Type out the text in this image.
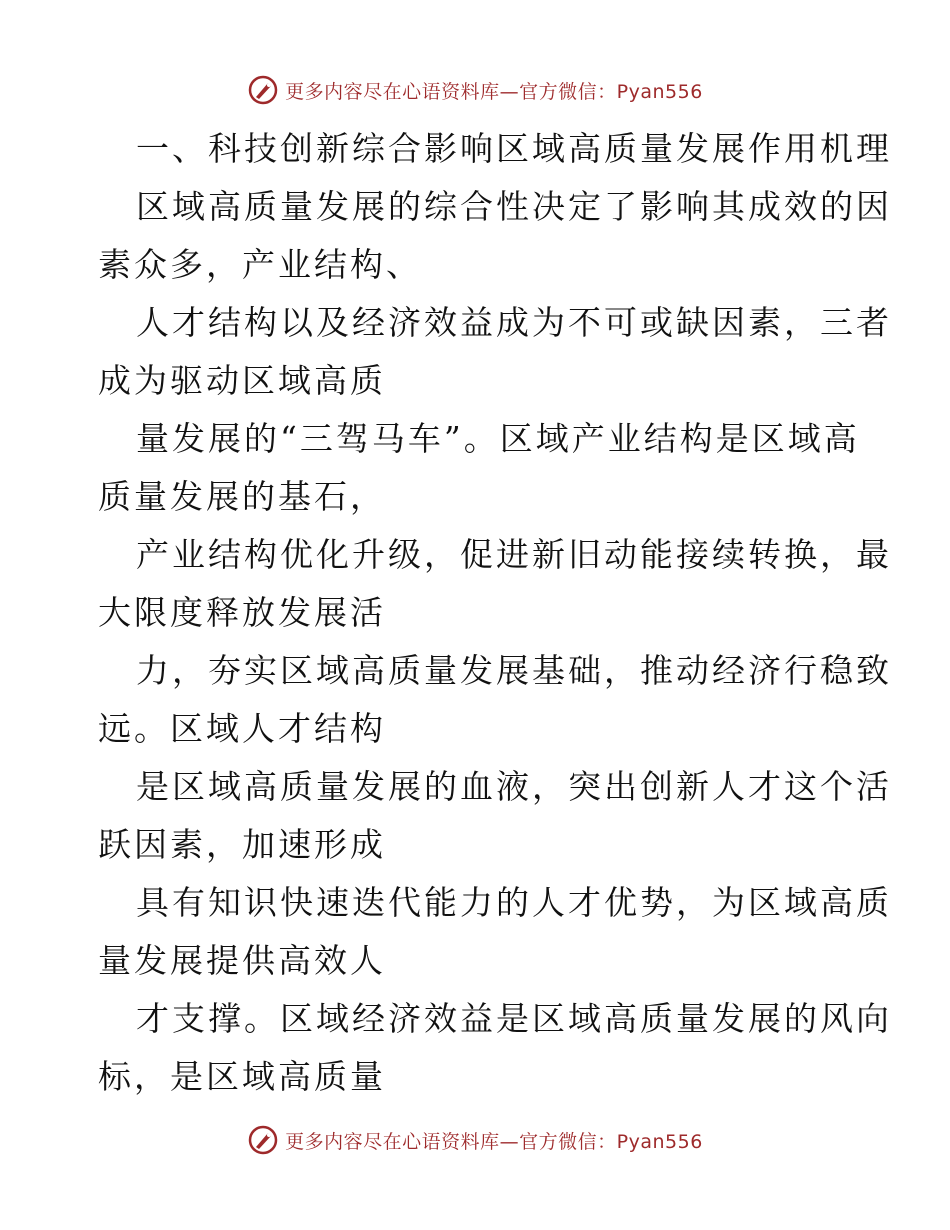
更多内容尽在心语资料库—官方微信：Pyan556
一、科技创新综合影响区域高质量发展作用机理
区域高质量发展的综合性决定了影响其成效的因
素众多，产业结构、
人才结构以及经济效益成为不可或缺因素，三者
成为驱动区域高质
量发展的“三驾马车”。区域产业结构是区域高
质量发展的基石，
产业结构优化升级，促进新旧动能接续转换，最
大限度释放发展活
力，夯实区域高质量发展基础，推动经济行稳致
远。区域人才结构
是区域高质量发展的血液，突出创新人才这个活
跃因素，加速形成
具有知识快速迭代能力的人才优势，为区域高质
量发展提供高效人
才支撑。区域经济效益是区域高质量发展的风向
标，是区域高质量
更多内容尽在心语资料库—官方微信：Pyan556
